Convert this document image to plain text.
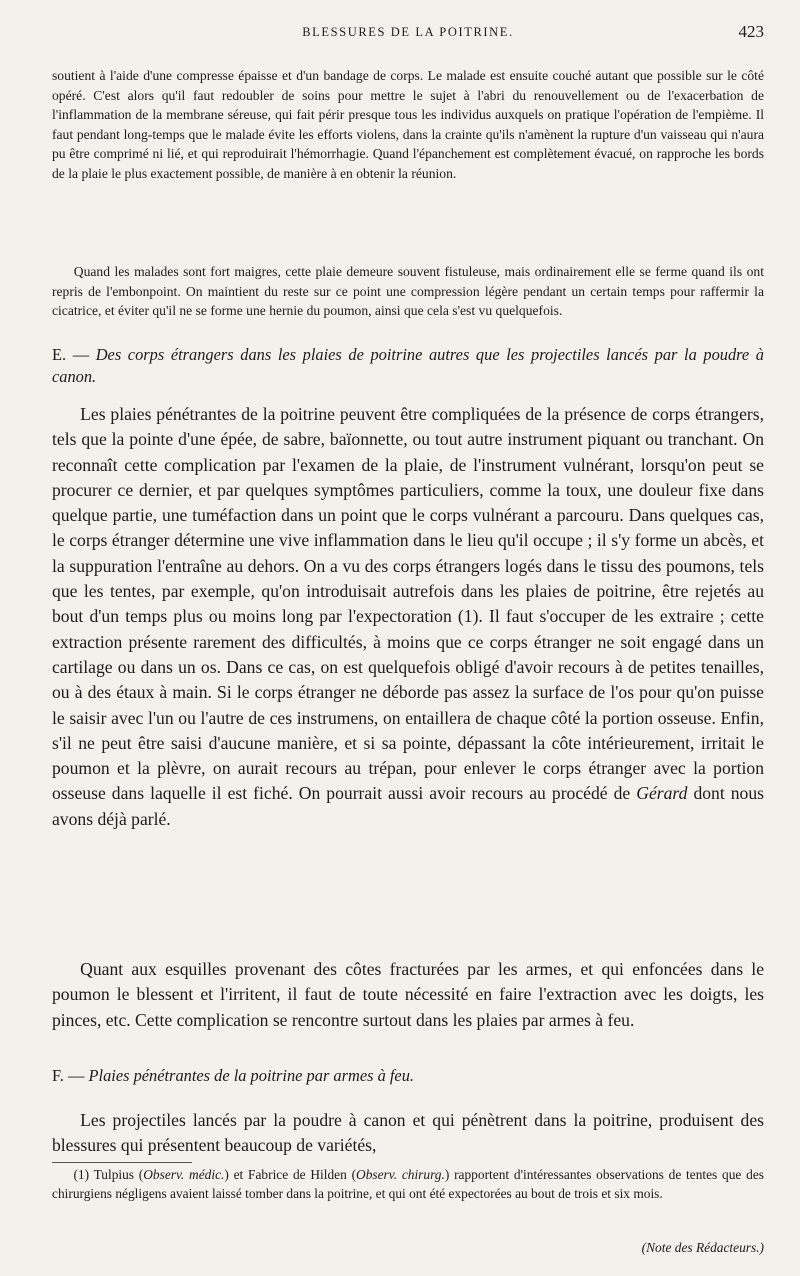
BLESSURES DE LA POITRINE.	423

soutient à l'aide d'une compresse épaisse et d'un bandage de corps. Le malade est ensuite couché autant que possible sur le côté opéré. C'est alors qu'il faut redoubler de soins pour mettre le sujet à l'abri du renouvellement ou de l'exacerbation de l'inflammation de la membrane séreuse, qui fait périr presque tous les individus auxquels on pratique l'opération de l'empième. Il faut pendant long-temps que le malade évite les efforts violens, dans la crainte qu'ils n'amènent la rupture d'un vaisseau qui n'aura pu être comprimé ni lié, et qui reproduirait l'hémorrhagie. Quand l'épanchement est complètement évacué, on rapproche les bords de la plaie le plus exactement possible, de manière à en obtenir la réunion.

Quand les malades sont fort maigres, cette plaie demeure souvent fistuleuse, mais ordinairement elle se ferme quand ils ont repris de l'embonpoint. On maintient du reste sur ce point une compression légère pendant un certain temps pour raffermir la cicatrice, et éviter qu'il ne se forme une hernie du poumon, ainsi que cela s'est vu quelquefois.

E. — Des corps étrangers dans les plaies de poitrine autres que les projectiles lancés par la poudre à canon.

Les plaies pénétrantes de la poitrine peuvent être compliquées de la présence de corps étrangers, tels que la pointe d'une épée, de sabre, baïonnette, ou tout autre instrument piquant ou tranchant. On reconnaît cette complication par l'examen de la plaie, de l'instrument vulnérant, lorsqu'on peut se procurer ce dernier, et par quelques symptômes particuliers, comme la toux, une douleur fixe dans quelque partie, une tuméfaction dans un point que le corps vulnérant a parcouru. Dans quelques cas, le corps étranger détermine une vive inflammation dans le lieu qu'il occupe ; il s'y forme un abcès, et la suppuration l'entraîne au dehors. On a vu des corps étrangers logés dans le tissu des poumons, tels que les tentes, par exemple, qu'on introduisait autrefois dans les plaies de poitrine, être rejetés au bout d'un temps plus ou moins long par l'expectoration (1). Il faut s'occuper de les extraire ; cette extraction présente rarement des difficultés, à moins que ce corps étranger ne soit engagé dans un cartilage ou dans un os. Dans ce cas, on est quelquefois obligé d'avoir recours à de petites tenailles, ou à des étaux à main. Si le corps étranger ne déborde pas assez la surface de l'os pour qu'on puisse le saisir avec l'un ou l'autre de ces instrumens, on entaillera de chaque côté la portion osseuse. Enfin, s'il ne peut être saisi d'aucune manière, et si sa pointe, dépassant la côte intérieurement, irritait le poumon et la plèvre, on aurait recours au trépan, pour enlever le corps étranger avec la portion osseuse dans laquelle il est fiché. On pourrait aussi avoir recours au procédé de Gérard dont nous avons déjà parlé.

Quant aux esquilles provenant des côtes fracturées par les armes, et qui enfoncées dans le poumon le blessent et l'irritent, il faut de toute nécessité en faire l'extraction avec les doigts, les pinces, etc. Cette complication se rencontre surtout dans les plaies par armes à feu.

F. — Plaies pénétrantes de la poitrine par armes à feu.

Les projectiles lancés par la poudre à canon et qui pénètrent dans la poitrine, produisent des blessures qui présentent beaucoup de variétés,

(1) Tulpius (Observ. médic.) et Fabrice de Hilden (Observ. chirurg.) rapportent d'intéressantes observations de tentes que des chirurgiens négligens avaient laissé tomber dans la poitrine, et qui ont été expectorées au bout de trois et six mois.

(Note des Rédacteurs.)
